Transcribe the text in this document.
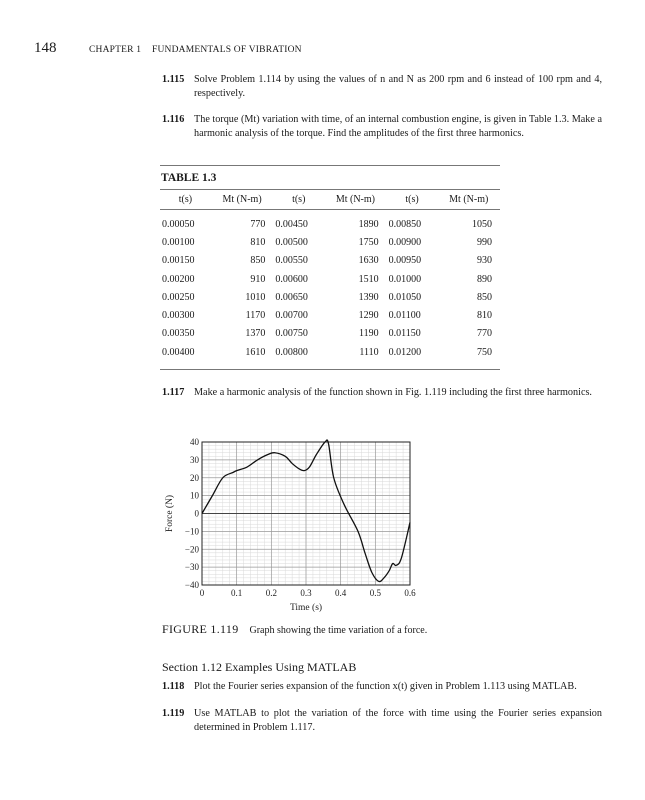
148	CHAPTER 1 FUNDAMENTALS OF VIBRATION
1.115 Solve Problem 1.114 by using the values of n and N as 200 rpm and 6 instead of 100 rpm and 4, respectively.
1.116 The torque (Mt) variation with time, of an internal combustion engine, is given in Table 1.3. Make a harmonic analysis of the torque. Find the amplitudes of the first three harmonics.
TABLE 1.3
t(s)	Mt (N-m)	t(s)	Mt (N-m)	t(s)	Mt (N-m)
0.00050	770	0.00450	1890	0.00850	1050
0.00100	810	0.00500	1750	0.00900	990
0.00150	850	0.00550	1630	0.00950	930
0.00200	910	0.00600	1510	0.01000	890
0.00250	1010	0.00650	1390	0.01050	850
0.00300	1170	0.00700	1290	0.01100	810
0.00350	1370	0.00750	1190	0.01150	770
0.00400	1610	0.00800	1110	0.01200	750

1.117 Make a harmonic analysis of the function shown in Fig. 1.119 including the first three harmonics.
0	0.1	0.2	0.3	0.4	0.5	0.6
40
30
20
10
0
−10
−20
−30
−40
Time (s)
Force (N)
FIGURE 1.119 Graph showing the time variation of a force.
Section 1.12 Examples Using MATLAB
1.118 Plot the Fourier series expansion of the function x(t) given in Problem 1.113 using MATLAB.
1.119 Use MATLAB to plot the variation of the force with time using the Fourier series expansion determined in Problem 1.117.
